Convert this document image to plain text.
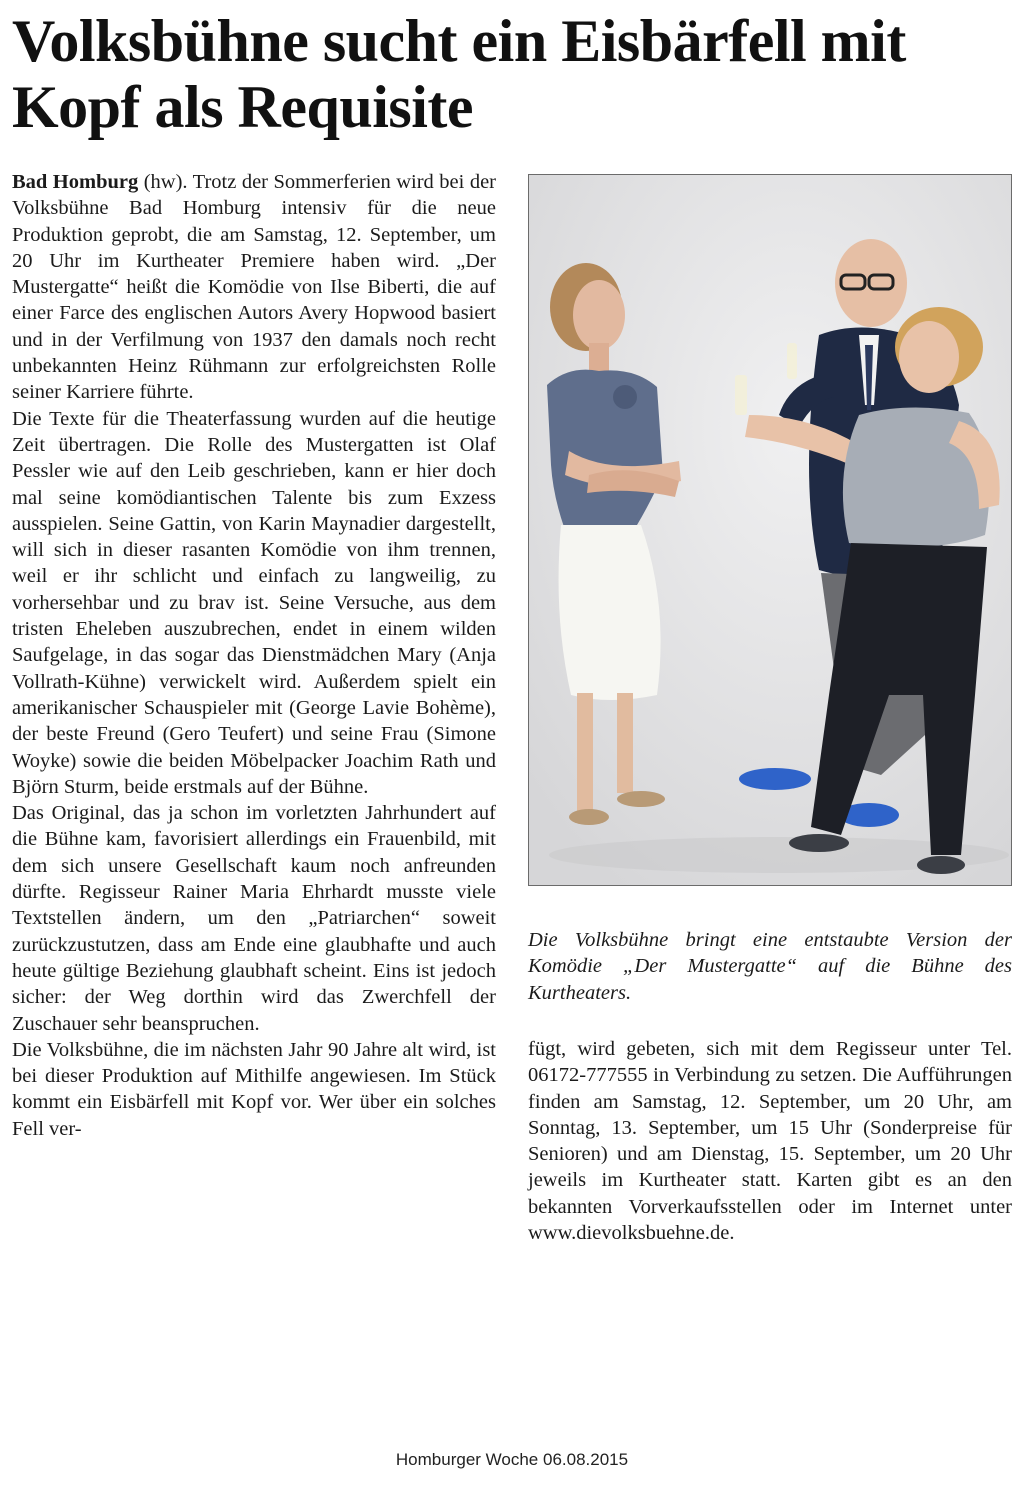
Volksbühne sucht ein Eisbärfell mit Kopf als Requisite

Bad Homburg (hw). Trotz der Sommerferien wird bei der Volksbühne Bad Homburg intensiv für die neue Produktion geprobt, die am Samstag, 12. September, um 20 Uhr im Kurtheater Premiere haben wird. „Der Mustergatte“ heißt die Komödie von Ilse Biberti, die auf einer Farce des englischen Autors Avery Hopwood basiert und in der Verfilmung von 1937 den damals noch recht unbekannten Heinz Rühmann zur erfolgreichsten Rolle seiner Karriere führte.

Die Texte für die Theaterfassung wurden auf die heutige Zeit übertragen. Die Rolle des Mustergatten ist Olaf Pessler wie auf den Leib geschrieben, kann er hier doch mal seine komödiantischen Talente bis zum Exzess ausspielen. Seine Gattin, von Karin Maynadier dargestellt, will sich in dieser rasanten Komödie von ihm trennen, weil er ihr schlicht und einfach zu langweilig, zu vorhersehbar und zu brav ist. Seine Versuche, aus dem tristen Eheleben auszubrechen, endet in einem wilden Saufgelage, in das sogar das Dienstmädchen Mary (Anja Vollrath-Kühne) verwickelt wird. Außerdem spielt ein amerikanischer Schauspieler mit (George Lavie Bohème), der beste Freund (Gero Teufert) und seine Frau (Simone Woyke) sowie die beiden Möbelpacker Joachim Rath und Björn Sturm, beide erstmals auf der Bühne.

Das Original, das ja schon im vorletzten Jahrhundert auf die Bühne kam, favorisiert allerdings ein Frauenbild, mit dem sich unsere Gesellschaft kaum noch anfreunden dürfte. Regisseur Rainer Maria Ehrhardt musste viele Textstellen ändern, um den „Patriarchen“ soweit zurückzustutzen, dass am Ende eine glaubhafte und auch heute gültige Beziehung glaubhaft scheint. Eins ist jedoch sicher: der Weg dorthin wird das Zwerchfell der Zuschauer sehr beanspruchen.

Die Volksbühne, die im nächsten Jahr 90 Jahre alt wird, ist bei dieser Produktion auf Mithilfe angewiesen. Im Stück kommt ein Eisbärfell mit Kopf vor. Wer über ein solches Fell ver-

Die Volksbühne bringt eine entstaubte Version der Komödie „Der Mustergatte“ auf die Bühne des Kurtheaters.

fügt, wird gebeten, sich mit dem Regisseur unter Tel. 06172-777555 in Verbindung zu setzen. Die Aufführungen finden am Samstag, 12. September, um 20 Uhr, am Sonntag, 13. September, um 15 Uhr (Sonderpreise für Senioren) und am Dienstag, 15. September, um 20 Uhr jeweils im Kurtheater statt. Karten gibt es an den bekannten Vorverkaufsstellen oder im Internet unter www.dievolksbuehne.de.

Homburger Woche 06.08.2015
